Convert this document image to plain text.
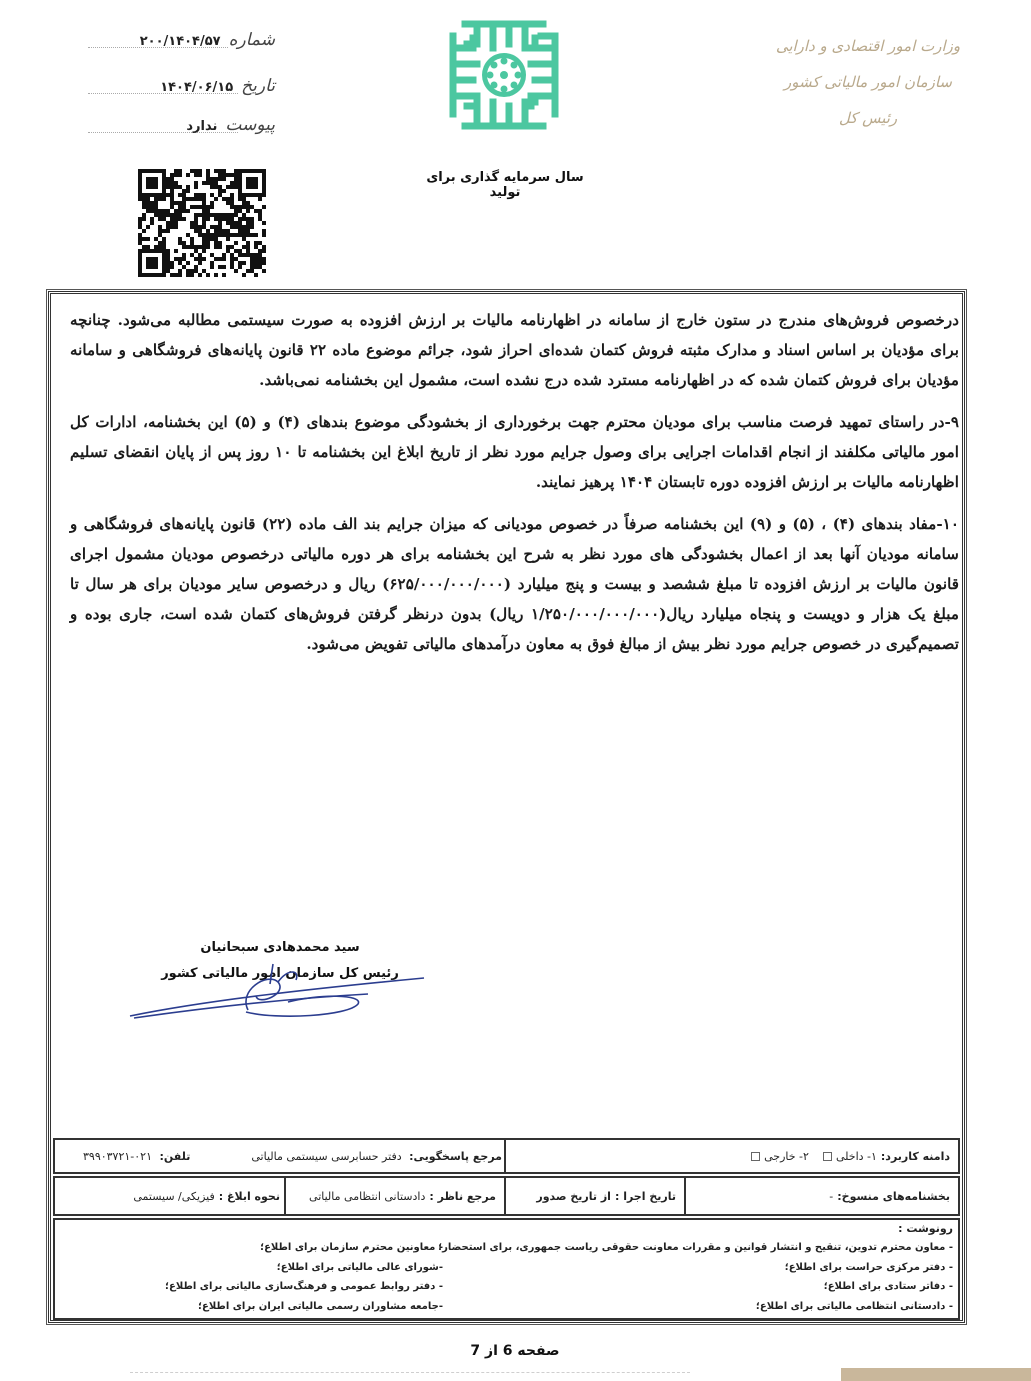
شماره
۲۰۰/۱۴۰۴/۵۷
تاریخ
۱۴۰۴/۰۶/۱۵
پیوست
ندارد
سال سرمایه گذاری برای تولید
وزارت امور اقتصادی و دارایی
سازمان امور مالیاتی کشور
رئیس کل

درخصوص فروش‌های مندرج در ستون خارج از سامانه در اظهارنامه مالیات بر ارزش افزوده به صورت سیستمی مطالبه می‌شود. چنانچه برای مؤدیان بر اساس اسناد و مدارک مثبته فروش کتمان شده‌ای احراز شود، جرائم موضوع ماده ۲۲ قانون پایانه‌های فروشگاهی و سامانه مؤدیان برای فروش کتمان شده که در اظهارنامه مسترد شده درج نشده است، مشمول این بخشنامه نمی‌باشد.

۹-در راستای تمهید فرصت مناسب برای مودیان محترم جهت برخورداری از بخشودگی موضوع بندهای (۴) و (۵) این بخشنامه، ادارات کل امور مالیاتی مکلفند از انجام اقدامات اجرایی برای وصول جرایم مورد نظر از تاریخ ابلاغ این بخشنامه تا ۱۰ روز پس از پایان انقضای تسلیم اظهارنامه مالیات بر ارزش افزوده دوره تابستان ۱۴۰۴ پرهیز نمایند.

۱۰-مفاد بندهای (۴) ، (۵) و (۹) این بخشنامه صرفاً در خصوص مودیانی که میزان جرایم بند الف ماده (۲۲) قانون پایانه‌های فروشگاهی و سامانه مودیان آنها بعد از اعمال بخشودگی های مورد نظر به شرح این بخشنامه برای هر دوره مالیاتی درخصوص مودیان مشمول اجرای قانون مالیات بر ارزش افزوده تا مبلغ ششصد و بیست و پنج میلیارد (۶۲۵/۰۰۰/۰۰۰/۰۰۰) ریال و درخصوص سایر مودیان برای هر سال تا مبلغ یک هزار و دویست و پنجاه میلیارد ریال(۱/۲۵۰/۰۰۰/۰۰۰/۰۰۰ ریال) بدون درنظر گرفتن فروش‌های کتمان شده است، جاری بوده و تصمیم‌گیری در خصوص جرایم مورد نظر بیش از مبالغ فوق به معاون درآمدهای مالیاتی تفویض می‌شود.

سید محمدهادی سبحانیان
رئیس کل سازمان امور مالیاتی کشور
دامنه کاربرد:
۱- داخلی
۲- خارجی
مرجع پاسخگویی: دفتر حسابرسی سیستمی مالیاتی
تلفن: ۰۲۱-۳۹۹۰۳۷۲۱
بخشنامه‌های منسوخ:
-
تاریخ اجرا :
از تاریخ صدور
مرجع ناظر :
دادستانی انتظامی مالیاتی
نحوه ابلاغ :
فیزیکی/ سیستمی
رونوشت :
- معاون محترم تدوین، تنقیح و انتشار قوانین و مقررات معاونت حقوقی ریاست جمهوری، برای استحضار؛
- دفتر مرکزی حراست برای اطلاع؛
- دفاتر ستادی برای اطلاع؛
- دادستانی انتظامی مالیاتی برای اطلاع؛
- معاونین محترم سازمان برای اطلاع؛
-شورای عالی مالیاتی برای اطلاع؛
- دفتر روابط عمومی و فرهنگ‌سازی مالیاتی برای اطلاع؛
-جامعه مشاوران رسمی مالیاتی ایران برای اطلاع؛
صفحه 6 از 7
